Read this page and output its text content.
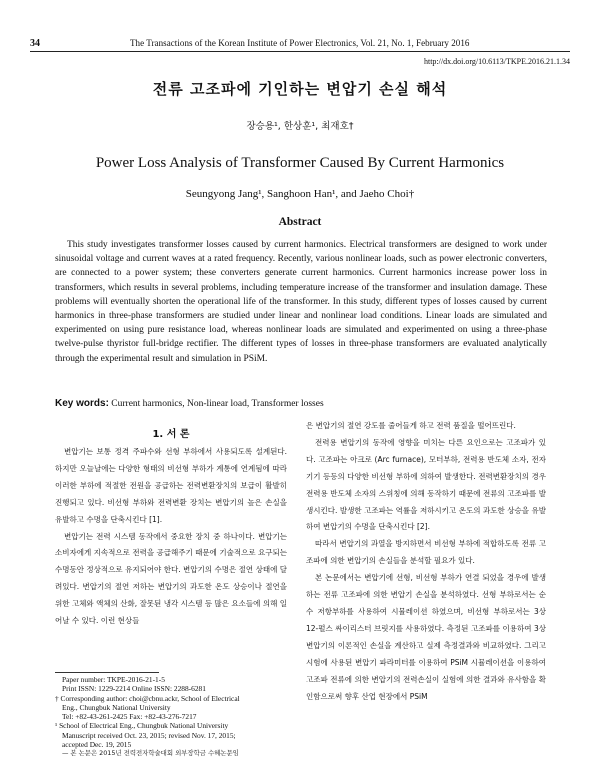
34	The Transactions of the Korean Institute of Power Electronics, Vol. 21, No. 1, February 2016
http://dx.doi.org/10.6113/TKPE.2016.21.1.34
전류 고조파에 기인하는 변압기 손실 해석
장승용¹, 한상훈¹, 최재호†
Power Loss Analysis of Transformer Caused By Current Harmonics
Seungyong Jang¹, Sanghoon Han¹, and Jaeho Choi†
Abstract

This study investigates transformer losses caused by current harmonics. Electrical transformers are designed to work under sinusoidal voltage and current waves at a rated frequency. Recently, various nonlinear loads, such as power electronic converters, are connected to a power system; these converters generate current harmonics. Current harmonics increase power loss in transformers, which results in several problems, including temperature increase of the transformer and insulation damage. These problems will eventually shorten the operational life of the transformer. In this study, different types of losses caused by current harmonics in three-phase transformers are studied under linear and nonlinear load conditions. Linear loads are simulated and experimented on using pure resistance load, whereas nonlinear loads are simulated and experimented on using a three-phase twelve-pulse thyristor full-bridge rectifier. The different types of losses in three-phase transformers are evaluated analytically through the experimental result and simulation in PSiM.

Key words: Current harmonics, Non-linear load, Transformer losses
1. 서 론

변압기는 보통 정격 주파수와 선형 부하에서 사용되도록 설계된다. 하지만 오늘날에는 다양한 형태의 비선형 부하가 계통에 연계됨에 따라 이러한 부하에 적절한 전원을 공급하는 전력변환장치의 보급이 활발히 진행되고 있다. 비선형 부하와 전력변환 장치는 변압기의 높은 손실을 유발하고 수명을 단축시킨다 [1].

변압기는 전력 시스템 동작에서 중요한 장치 중 하나이다. 변압기는 소비자에게 지속적으로 전력을 공급해주기 때문에 기술적으로 요구되는 수명동안 정상적으로 유지되어야 한다. 변압기의 수명은 절연 상태에 달려있다. 변압기의 절연 저하는 변압기의 과도한 온도 상승이나 절연을 위한 고체와 액체의 산화, 잘못된 냉각 시스템 등 많은 요소들에 의해 일어날 수 있다. 이런 현상들

은 변압기의 절연 강도를 줄어들게 하고 전력 품질을 떨어뜨린다.

전력용 변압기의 동작에 영향을 미치는 다른 요인으로는 고조파가 있다. 고조파는 아크로 (Arc furnace), 모터부하, 전력용 반도체 소자, 전자기기 등등의 다양한 비선형 부하에 의하여 발생한다. 전력변환장치의 경우 전력용 반도체 소자의 스위칭에 의해 동작하기 때문에 전류의 고조파를 발생시킨다. 발생한 고조파는 역률을 저하시키고 온도의 과도한 상승을 유발하여 변압기의 수명을 단축시킨다 [2].

따라서 변압기의 과열을 방지하면서 비선형 부하에 적합하도록 전류 고조파에 의한 변압기의 손실들을 분석할 필요가 있다.

본 논문에서는 변압기에 선형, 비선형 부하가 연결 되었을 경우에 발생하는 전류 고조파에 의한 변압기 손실을 분석하였다. 선형 부하로서는 순수 저항부하를 사용하여 시뮬레이션 하였으며, 비선형 부하로서는 3상 12-펄스 싸이리스터 브릿지를 사용하였다. 측정된 고조파를 이용하여 3상 변압기의 이론적인 손실을 계산하고 실제 측정결과와 비교하였다. 그리고 시험에 사용된 변압기 파라미터를 이용하여 PSiM 시뮬레이션을 이용하여 고조파 전류에 의한 변압기의 전력손실이 실험에 의한 결과와 유사함을 확인함으로써 향후 산업 현장에서 PSiM

Paper number: TKPE-2016-21-1-5
Print ISSN: 1229-2214 Online ISSN: 2288-6281
† Corresponding author: choi@cbnu.ackr, School of Electrical
Eng., Chungbuk National University
Tel: +82-43-261-2425 Fax: +82-43-276-7217
¹ School of Electrical Eng., Chungbuk National University
Manuscript received Oct. 23, 2015; revised Nov. 17, 2015;
accepted Dec. 19, 2015
— 본 논문은 2015년 전력전자학술대회 외부장학금 수혜논문임
